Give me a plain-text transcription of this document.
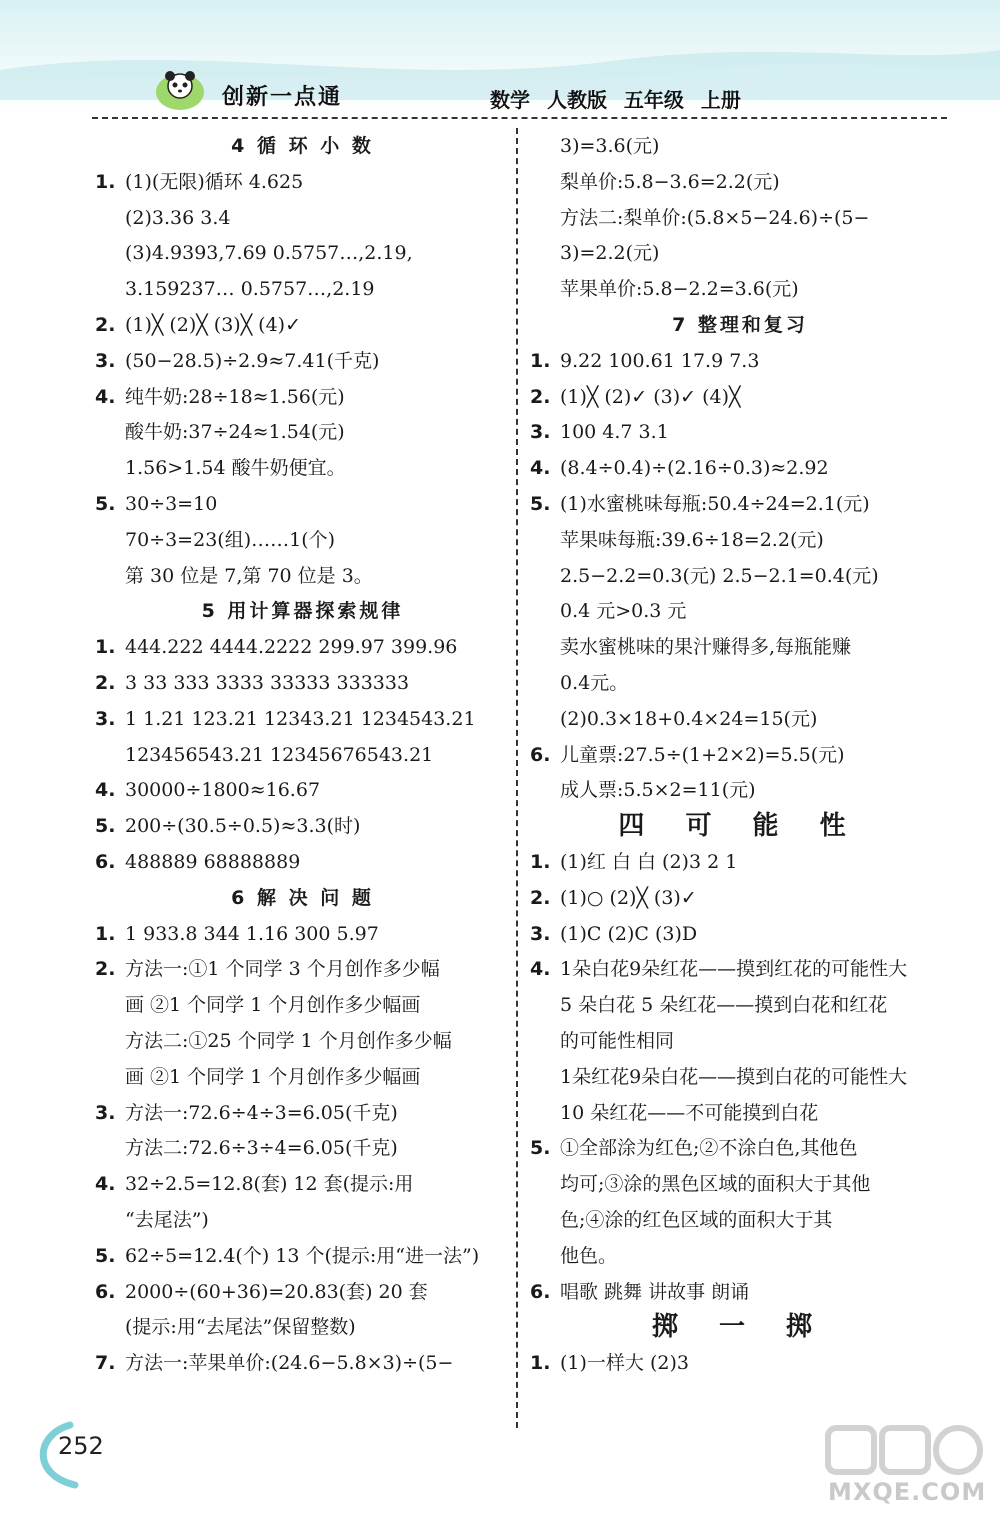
创新一点通	数学 人教版 五年级 上册
4 循 环 小 数
1. (1)(无限)循环 4.625
(2)3.36 3.4
(3)4.9393,7.69 0.5757…,2.19,
3.159237… 0.5757…,2.19
2. (1)╳ (2)╳ (3)╳ (4)✓
3. (50−28.5)÷2.9≈7.41(千克)
4. 纯牛奶:28÷18≈1.56(元)
酸牛奶:37÷24≈1.54(元)
1.56>1.54 酸牛奶便宜。
5. 30÷3=10
70÷3=23(组)……1(个)
第 30 位是 7,第 70 位是 3。
5 用计算器探索规律
1. 444.222 4444.2222 299.97 399.96
2. 3 33 333 3333 33333 333333
3. 1 1.21 123.21 12343.21 1234543.21
123456543.21 12345676543.21
4. 30000÷1800≈16.67
5. 200÷(30.5÷0.5)≈3.3(时)
6. 488889 68888889
6 解 决 问 题
1. 1 933.8 344 1.16 300 5.97
2. 方法一:①1 个同学 3 个月创作多少幅
画 ②1 个同学 1 个月创作多少幅画
方法二:①25 个同学 1 个月创作多少幅
画 ②1 个同学 1 个月创作多少幅画
3. 方法一:72.6÷4÷3=6.05(千克)
方法二:72.6÷3÷4=6.05(千克)
4. 32÷2.5=12.8(套) 12 套(提示:用
“去尾法”)
5. 62÷5=12.4(个) 13 个(提示:用“进一法”)
6. 2000÷(60+36)=20.83(套) 20 套
(提示:用“去尾法”保留整数)
7. 方法一:苹果单价:(24.6−5.8×3)÷(5−
3)=3.6(元)
梨单价:5.8−3.6=2.2(元)
方法二:梨单价:(5.8×5−24.6)÷(5−
3)=2.2(元)
苹果单价:5.8−2.2=3.6(元)
7 整理和复习
1. 9.22 100.61 17.9 7.3
2. (1)╳ (2)✓ (3)✓ (4)╳
3. 100 4.7 3.1
4. (8.4÷0.4)÷(2.16÷0.3)≈2.92
5. (1)水蜜桃味每瓶:50.4÷24=2.1(元)
苹果味每瓶:39.6÷18=2.2(元)
2.5−2.2=0.3(元) 2.5−2.1=0.4(元)
0.4 元>0.3 元
卖水蜜桃味的果汁赚得多,每瓶能赚
0.4元。
(2)0.3×18+0.4×24=15(元)
6. 儿童票:27.5÷(1+2×2)=5.5(元)
成人票:5.5×2=11(元)
四 可 能 性
1. (1)红 白 白 (2)3 2 1
2. (1)○ (2)╳ (3)✓
3. (1)C (2)C (3)D
4. 1朵白花9朵红花——摸到红花的可能性大
5 朵白花 5 朵红花——摸到白花和红花
的可能性相同
1朵红花9朵白花——摸到白花的可能性大
10 朵红花——不可能摸到白花
5. ①全部涂为红色;②不涂白色,其他色
均可;③涂的黑色区域的面积大于其他
色;④涂的红色区域的面积大于其
他色。
6. 唱歌 跳舞 讲故事 朗诵
掷 一 掷
1. (1)一样大 (2)3
252
MXQE.COM
